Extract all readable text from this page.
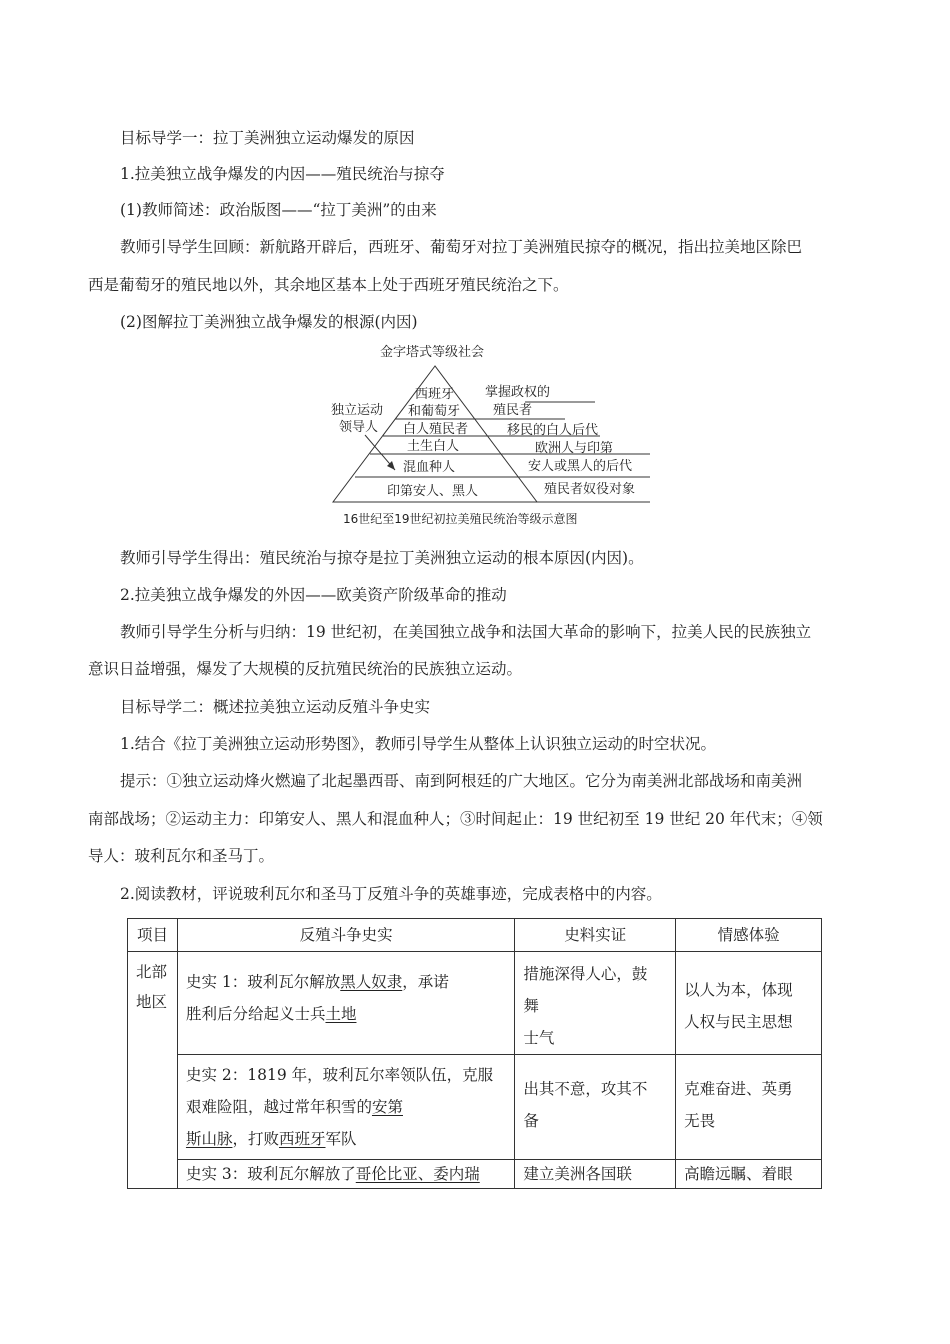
目标导学一：拉丁美洲独立运动爆发的原因
1.拉美独立战争爆发的内因——殖民统治与掠夺
(1)教师简述：政治版图——“拉丁美洲”的由来
教师引导学生回顾：新航路开辟后，西班牙、葡萄牙对拉丁美洲殖民掠夺的概况，指出拉美地区除巴
西是葡萄牙的殖民地以外，其余地区基本上处于西班牙殖民统治之下。
(2)图解拉丁美洲独立战争爆发的根源(内因)
金字塔式等级社会
西班牙
和葡萄牙
白人殖民者
土生白人
混血种人
印第安人、黑人
掌握政权的
殖民者
移民的白人后代
欧洲人与印第
安人或黑人的后代
殖民者奴役对象
独立运动
领导人
16世纪至19世纪初拉美殖民统治等级示意图
教师引导学生得出：殖民统治与掠夺是拉丁美洲独立运动的根本原因(内因)。
2.拉美独立战争爆发的外因——欧美资产阶级革命的推动
教师引导学生分析与归纳：19 世纪初，在美国独立战争和法国大革命的影响下，拉美人民的民族独立
意识日益增强，爆发了大规模的反抗殖民统治的民族独立运动。
目标导学二：概述拉美独立运动反殖斗争史实
1.结合《拉丁美洲独立运动形势图》，教师引导学生从整体上认识独立运动的时空状况。
提示：①独立运动烽火燃遍了北起墨西哥、南到阿根廷的广大地区。它分为南美洲北部战场和南美洲
南部战场；②运动主力：印第安人、黑人和混血种人；③时间起止：19 世纪初至 19 世纪 20 年代末；④领
导人：玻利瓦尔和圣马丁。
2.阅读教材，评说玻利瓦尔和圣马丁反殖斗争的英雄事迹，完成表格中的内容。
项目	反殖斗争史实	史料实证	情感体验

北部
地区	史实 1：玻利瓦尔解放黑人奴隶，承诺
胜利后分给起义士兵土地	措施深得人心，鼓
舞
士气	以人为本，体现
人权与民主思想

	史实 2：1819 年，玻利瓦尔率领队伍，克服
艰难险阻，越过常年积雪的安第
斯山脉，打败西班牙军队	出其不意，攻其不
备	克难奋进、英勇
无畏

	史实 3：玻利瓦尔解放了哥伦比亚、委内瑞	建立美洲各国联	高瞻远瞩、着眼
